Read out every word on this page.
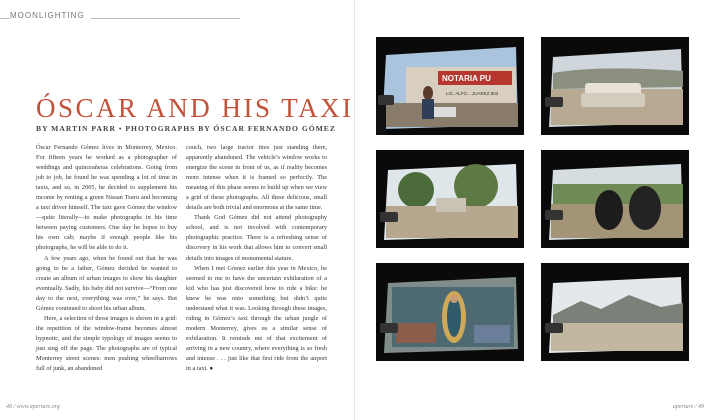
MOONLIGHTING
ÓSCAR AND HIS TAXI
BY MARTIN PARR • PHOTOGRAPHS BY ÓSCAR FERNANDO GÓMEZ

Óscar Fernando Gómez lives in Monterrey, Mexico. For fifteen years he worked as a photographer of weddings and quinceañeras celebrations. Going from job to job, he found he was spending a lot of time in taxis, and so, in 2005, he decided to supplement his income by renting a green Nissan Tsuru and becoming a taxi driver himself. The taxi gave Gómez the window—quite literally—to make photographs in his time between paying customers. One day he hopes to buy his own cab; maybe if enough people like his photographs, he will be able to do it.

A few years ago, when he found out that he was going to be a father, Gómez decided he wanted to create an album of urban images to show his daughter eventually. Sadly, his baby did not survive—“From one day to the next, everything was over,” he says. But Gómez continued to shoot his urban album.

Here, a selection of those images is shown in a grid: the repetition of the window-frame becomes almost hypnotic, and the simple typology of images seems to just sing off the page. The photographs are of typical Monterrey street scenes: men pushing wheelbarrows full of junk, an abandoned

couch, two large tractor tires just standing there, apparently abandoned. The vehicle’s window works to energize the scene in front of us, as if reality becomes more intense when it is framed so perfectly. The meaning of this phase seems to build up when we view a grid of these photographs. All these delicious, small details are both trivial and enormous at the same time.

Thank God Gómez did not attend photography school, and is not involved with contemporary photographic practice. There is a refreshing sense of discovery in his work that allows him to convert small details into images of monumental stature.

When I met Gómez earlier this year in Mexico, he seemed to me to have the uncertain exhilaration of a kid who has just discovered how to ride a bike: he knew he was onto something but didn’t quite understand what it was. Looking through these images, riding in Gómez’s taxi through the urban jungle of modern Monterrey, gives us a similar sense of exhilaration. It reminds me of that excitement of arriving in a new country, where everything is so fresh and intense . . . just like that first ride from the airport in a taxi. ●

48 / www.aperture.org
NOTARIA PU
LIC. ALFO... JUAREZ 803
aperture / 49
